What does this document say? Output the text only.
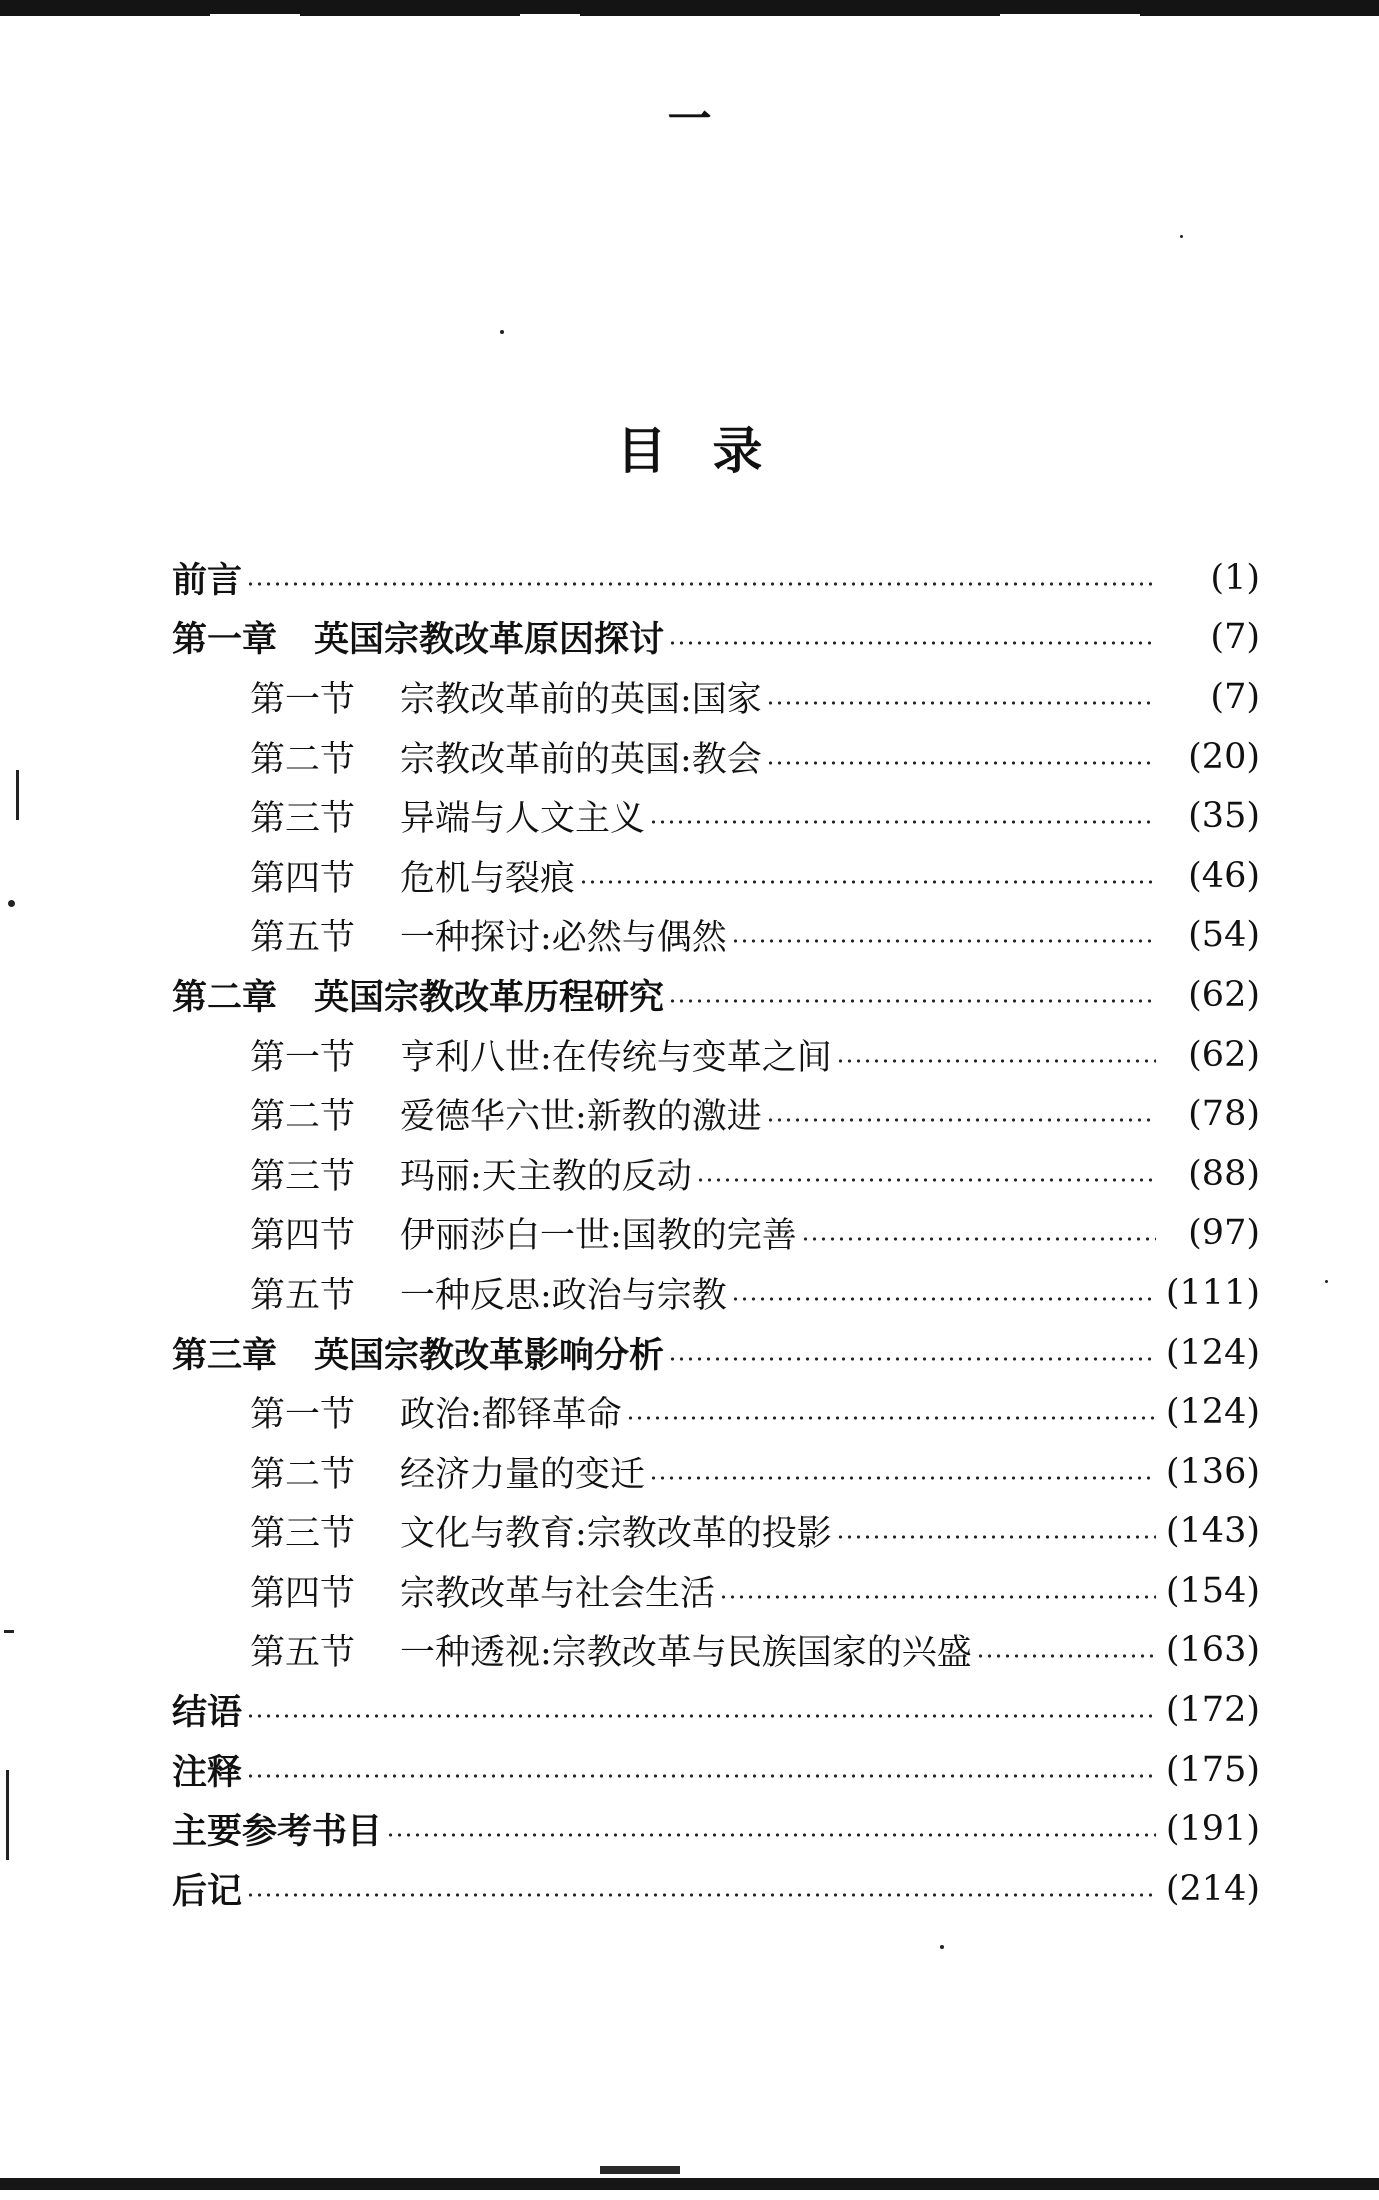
一
目录
前言	(1)
第一章	英国宗教改革原因探讨	(7)
第一节	宗教改革前的英国:国家	(7)
第二节	宗教改革前的英国:教会	(20)
第三节	异端与人文主义	(35)
第四节	危机与裂痕	(46)
第五节	一种探讨:必然与偶然	(54)
第二章	英国宗教改革历程研究	(62)
第一节	亨利八世:在传统与变革之间	(62)
第二节	爱德华六世:新教的激进	(78)
第三节	玛丽:天主教的反动	(88)
第四节	伊丽莎白一世:国教的完善	(97)
第五节	一种反思:政治与宗教	(111)
第三章	英国宗教改革影响分析	(124)
第一节	政治:都铎革命	(124)
第二节	经济力量的变迁	(136)
第三节	文化与教育:宗教改革的投影	(143)
第四节	宗教改革与社会生活	(154)
第五节	一种透视:宗教改革与民族国家的兴盛	(163)
结语	(172)
注释	(175)
主要参考书目	(191)
后记	(214)
